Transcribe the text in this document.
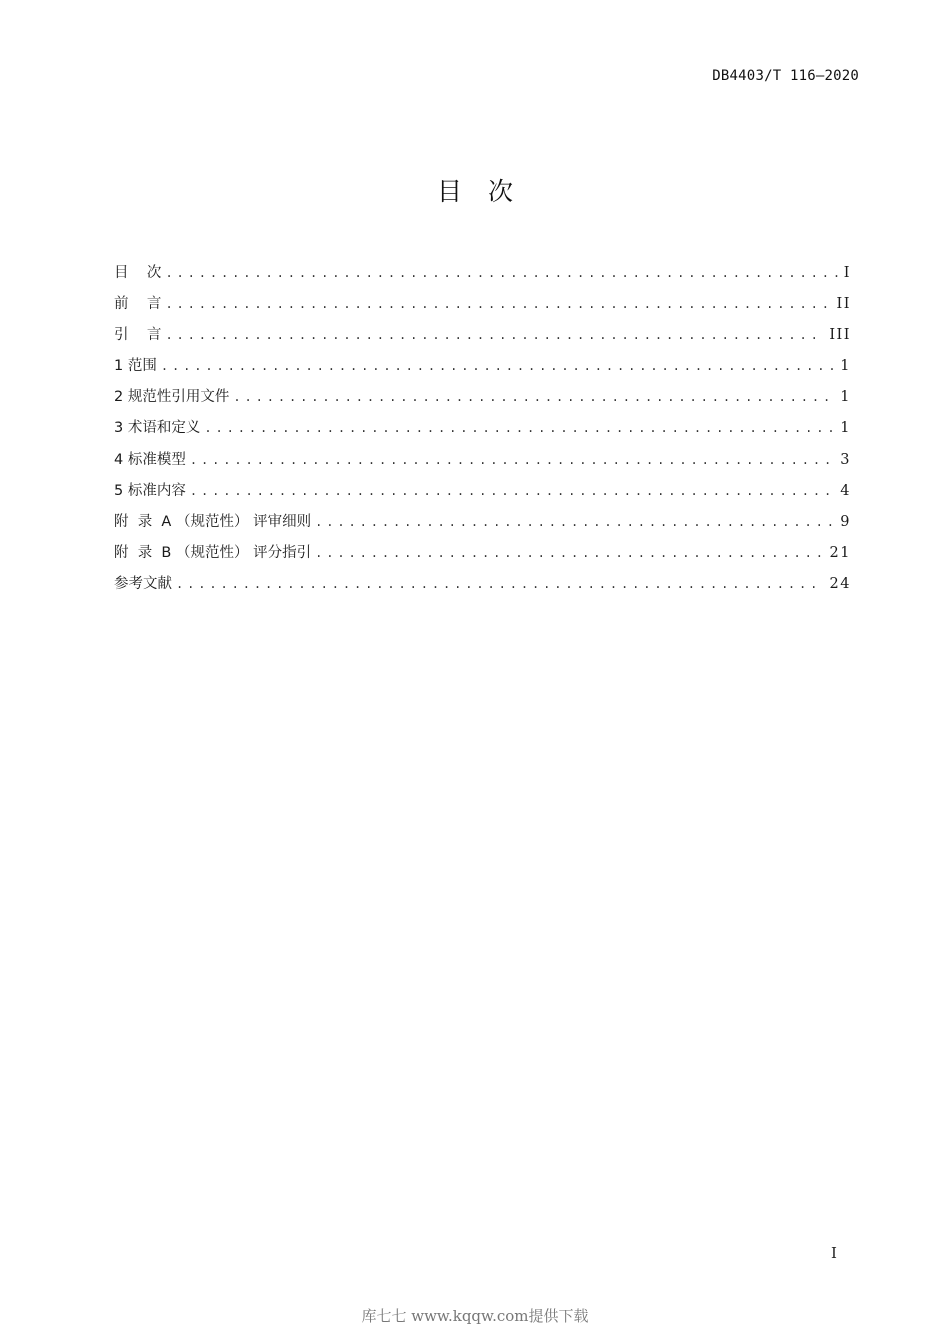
DB4403/T 116—2020
目 次
目    次 .....	I
前    言 .....	II
引    言 .....	III
1 范围 .....	1
2 规范性引用文件 .....	1
3 术语和定义 .....	1
4 标准模型 .....	3
5 标准内容 .....	4
附  录  A （规范性） 评审细则 .....	9
附  录  B （规范性） 评分指引 .....	21
参考文献 .....	24
I
库七七 www.kqqw.com提供下载
